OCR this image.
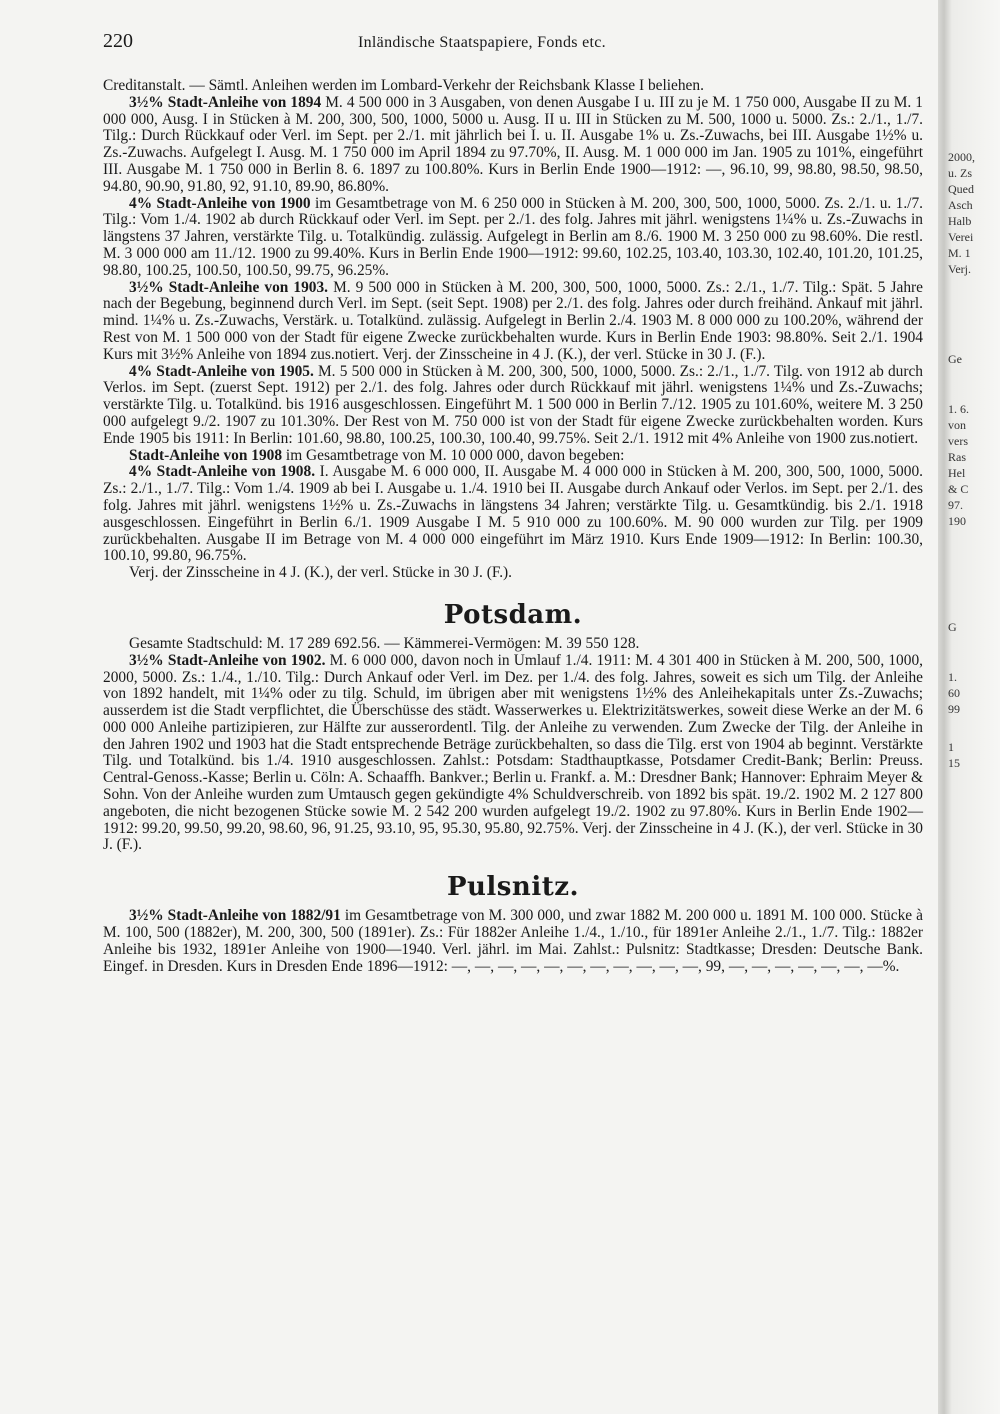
2000,
u. Zs
Qued
Asch
Halb
Verei
M. 1
Verj.
Ge
1. 6.
von
vers
Ras
Hel
& C
97.
190
G
1.
60
99
1
15
220	Inländische Staatspapiere, Fonds etc.

Creditanstalt. — Sämtl. Anleihen werden im Lombard-Verkehr der Reichsbank Klasse I beliehen.

3½% Stadt-Anleihe von 1894 M. 4 500 000 in 3 Ausgaben, von denen Ausgabe I u. III zu je M. 1 750 000, Ausgabe II zu M. 1 000 000, Ausg. I in Stücken à M. 200, 300, 500, 1000, 5000 u. Ausg. II u. III in Stücken zu M. 500, 1000 u. 5000. Zs.: 2./1., 1./7. Tilg.: Durch Rückkauf oder Verl. im Sept. per 2./1. mit jährlich bei I. u. II. Ausgabe 1% u. Zs.-Zuwachs, bei III. Ausgabe 1½% u. Zs.-Zuwachs. Aufgelegt I. Ausg. M. 1 750 000 im April 1894 zu 97.70%, II. Ausg. M. 1 000 000 im Jan. 1905 zu 101%, eingeführt III. Ausgabe M. 1 750 000 in Berlin 8. 6. 1897 zu 100.80%. Kurs in Berlin Ende 1900—1912: —, 96.10, 99, 98.80, 98.50, 98.50, 94.80, 90.90, 91.80, 92, 91.10, 89.90, 86.80%.

4% Stadt-Anleihe von 1900 im Gesamtbetrage von M. 6 250 000 in Stücken à M. 200, 300, 500, 1000, 5000. Zs. 2./1. u. 1./7. Tilg.: Vom 1./4. 1902 ab durch Rückkauf oder Verl. im Sept. per 2./1. des folg. Jahres mit jährl. wenigstens 1¼% u. Zs.-Zuwachs in längstens 37 Jahren, verstärkte Tilg. u. Totalkündig. zulässig. Aufgelegt in Berlin am 8./6. 1900 M. 3 250 000 zu 98.60%. Die restl. M. 3 000 000 am 11./12. 1900 zu 99.40%. Kurs in Berlin Ende 1900—1912: 99.60, 102.25, 103.40, 103.30, 102.40, 101.20, 101.25, 98.80, 100.25, 100.50, 100.50, 99.75, 96.25%.

3½% Stadt-Anleihe von 1903. M. 9 500 000 in Stücken à M. 200, 300, 500, 1000, 5000. Zs.: 2./1., 1./7. Tilg.: Spät. 5 Jahre nach der Begebung, beginnend durch Verl. im Sept. (seit Sept. 1908) per 2./1. des folg. Jahres oder durch freihänd. Ankauf mit jährl. mind. 1¼% u. Zs.-Zuwachs, Verstärk. u. Totalkünd. zulässig. Aufgelegt in Berlin 2./4. 1903 M. 8 000 000 zu 100.20%, während der Rest von M. 1 500 000 von der Stadt für eigene Zwecke zurückbehalten wurde. Kurs in Berlin Ende 1903: 98.80%. Seit 2./1. 1904 Kurs mit 3½% Anleihe von 1894 zus.notiert. Verj. der Zinsscheine in 4 J. (K.), der verl. Stücke in 30 J. (F.).

4% Stadt-Anleihe von 1905. M. 5 500 000 in Stücken à M. 200, 300, 500, 1000, 5000. Zs.: 2./1., 1./7. Tilg. von 1912 ab durch Verlos. im Sept. (zuerst Sept. 1912) per 2./1. des folg. Jahres oder durch Rückkauf mit jährl. wenigstens 1¼% und Zs.-Zuwachs; verstärkte Tilg. u. Totalkünd. bis 1916 ausgeschlossen. Eingeführt M. 1 500 000 in Berlin 7./12. 1905 zu 101.60%, weitere M. 3 250 000 aufgelegt 9./2. 1907 zu 101.30%. Der Rest von M. 750 000 ist von der Stadt für eigene Zwecke zurückbehalten worden. Kurs Ende 1905 bis 1911: In Berlin: 101.60, 98.80, 100.25, 100.30, 100.40, 99.75%. Seit 2./1. 1912 mit 4% Anleihe von 1900 zus.notiert.

Stadt-Anleihe von 1908 im Gesamtbetrage von M. 10 000 000, davon begeben:

4% Stadt-Anleihe von 1908. I. Ausgabe M. 6 000 000, II. Ausgabe M. 4 000 000 in Stücken à M. 200, 300, 500, 1000, 5000. Zs.: 2./1., 1./7. Tilg.: Vom 1./4. 1909 ab bei I. Ausgabe u. 1./4. 1910 bei II. Ausgabe durch Ankauf oder Verlos. im Sept. per 2./1. des folg. Jahres mit jährl. wenigstens 1½% u. Zs.-Zuwachs in längstens 34 Jahren; verstärkte Tilg. u. Gesamtkündig. bis 2./1. 1918 ausgeschlossen. Eingeführt in Berlin 6./1. 1909 Ausgabe I M. 5 910 000 zu 100.60%. M. 90 000 wurden zur Tilg. per 1909 zurückbehalten. Ausgabe II im Betrage von M. 4 000 000 eingeführt im März 1910. Kurs Ende 1909—1912: In Berlin: 100.30, 100.10, 99.80, 96.75%.

Verj. der Zinsscheine in 4 J. (K.), der verl. Stücke in 30 J. (F.).

Potsdam.

Gesamte Stadtschuld: M. 17 289 692.56. — Kämmerei-Vermögen: M. 39 550 128.

3½% Stadt-Anleihe von 1902. M. 6 000 000, davon noch in Umlauf 1./4. 1911: M. 4 301 400 in Stücken à M. 200, 500, 1000, 2000, 5000. Zs.: 1./4., 1./10. Tilg.: Durch Ankauf oder Verl. im Dez. per 1./4. des folg. Jahres, soweit es sich um Tilg. der Anleihe von 1892 handelt, mit 1¼% oder zu tilg. Schuld, im übrigen aber mit wenigstens 1½% des Anleihekapitals unter Zs.-Zuwachs; ausserdem ist die Stadt verpflichtet, die Überschüsse des städt. Wasserwerkes u. Elektrizitätswerkes, soweit diese Werke an der M. 6 000 000 Anleihe partizipieren, zur Hälfte zur ausserordentl. Tilg. der Anleihe zu verwenden. Zum Zwecke der Tilg. der Anleihe in den Jahren 1902 und 1903 hat die Stadt entsprechende Beträge zurückbehalten, so dass die Tilg. erst von 1904 ab beginnt. Verstärkte Tilg. und Totalkünd. bis 1./4. 1910 ausgeschlossen. Zahlst.: Potsdam: Stadthauptkasse, Potsdamer Credit-Bank; Berlin: Preuss. Central-Genoss.-Kasse; Berlin u. Cöln: A. Schaaffh. Bankver.; Berlin u. Frankf. a. M.: Dresdner Bank; Hannover: Ephraim Meyer & Sohn. Von der Anleihe wurden zum Umtausch gegen gekündigte 4% Schuldverschreib. von 1892 bis spät. 19./2. 1902 M. 2 127 800 angeboten, die nicht bezogenen Stücke sowie M. 2 542 200 wurden aufgelegt 19./2. 1902 zu 97.80%. Kurs in Berlin Ende 1902—1912: 99.20, 99.50, 99.20, 98.60, 96, 91.25, 93.10, 95, 95.30, 95.80, 92.75%. Verj. der Zinsscheine in 4 J. (K.), der verl. Stücke in 30 J. (F.).

Pulsnitz.

3½% Stadt-Anleihe von 1882/91 im Gesamtbetrage von M. 300 000, und zwar 1882 M. 200 000 u. 1891 M. 100 000. Stücke à M. 100, 500 (1882er), M. 200, 300, 500 (1891er). Zs.: Für 1882er Anleihe 1./4., 1./10., für 1891er Anleihe 2./1., 1./7. Tilg.: 1882er Anleihe bis 1932, 1891er Anleihe von 1900—1940. Verl. jährl. im Mai. Zahlst.: Pulsnitz: Stadtkasse; Dresden: Deutsche Bank. Eingef. in Dresden. Kurs in Dresden Ende 1896—1912: —, —, —, —, —, —, —, —, —, —, —, 99, —, —, —, —, —, —, —%.
